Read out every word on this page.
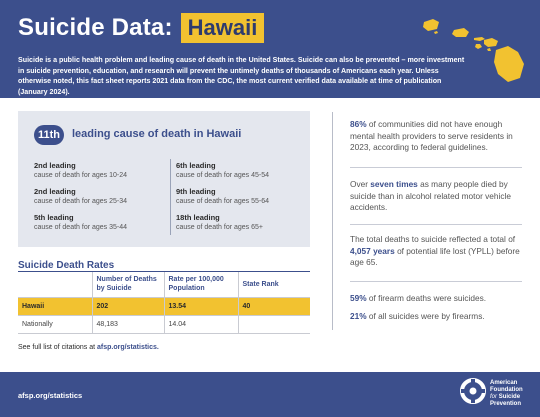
Suicide Data: Hawaii

Suicide is a public health problem and leading cause of death in the United States. Suicide can also be prevented – more investment in suicide prevention, education, and research will prevent the untimely deaths of thousands of Americans each year. Unless otherwise noted, this fact sheet reports 2021 data from the CDC, the most current verified data available at time of publication (January 2024).

11th	leading cause of death in Hawaii
2nd leading
cause of death for ages 10-24
2nd leading
cause of death for ages 25-34
5th leading
cause of death for ages 35-44
6th leading
cause of death for ages 45-54
9th leading
cause of death for ages 55-64
18th leading
cause of death for ages 65+
Suicide Death Rates
	Number of Deaths by Suicide	Rate per 100,000 Population	State Rank
Hawaii	202	13.54	40
Nationally	48,183	14.04	
See full list of citations at afsp.org/statistics.
86% of communities did not have enough mental health providers to serve residents in 2023, according to federal guidelines.
Over seven times as many people died by suicide than in alcohol related motor vehicle accidents.
The total deaths to suicide reflected a total of 4,057 years of potential life lost (YPLL) before age 65.
59% of firearm deaths were suicides.
21% of all suicides were by firearms.
afsp.org/statistics
American
Foundation
for Suicide
Prevention
